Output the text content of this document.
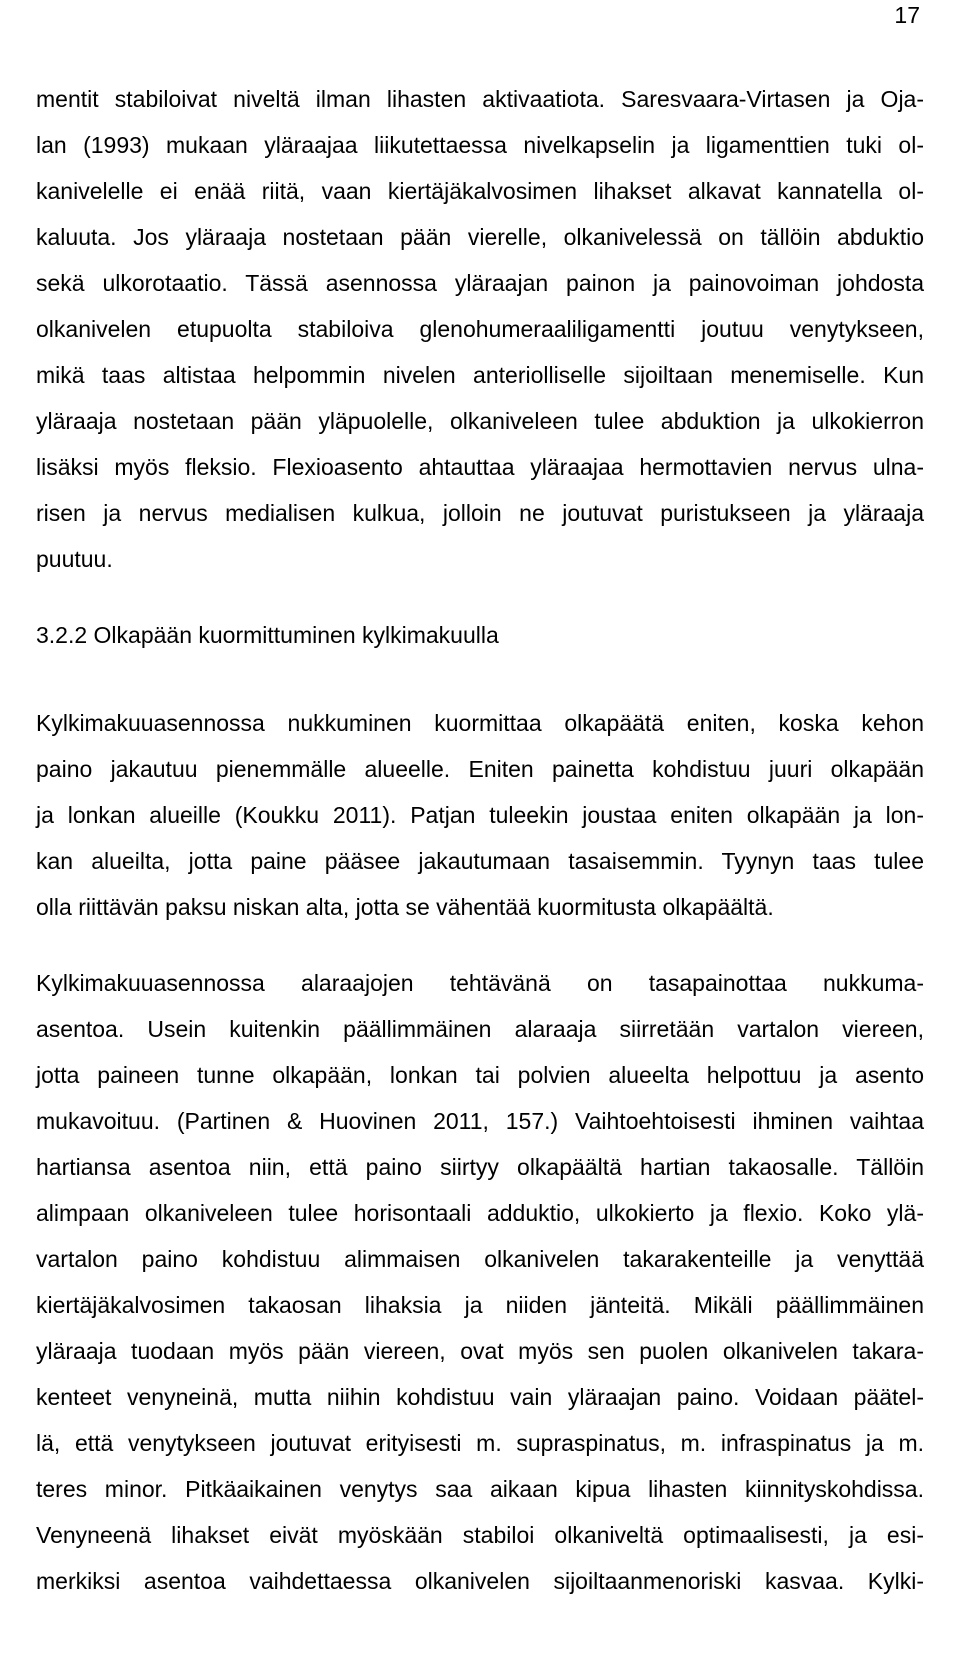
17

mentit stabiloivat niveltä ilman lihasten aktivaatiota. Saresvaara-Virtasen ja Oja-
lan (1993) mukaan yläraajaa liikutettaessa nivelkapselin ja ligamenttien tuki ol-
kanivelelle ei enää riitä, vaan kiertäjäkalvosimen lihakset alkavat kannatella ol-
kaluuta. Jos yläraaja nostetaan pään vierelle, olkanivelessä on tällöin abduktio
sekä ulkorotaatio. Tässä asennossa yläraajan painon ja painovoiman johdosta
olkanivelen etupuolta stabiloiva glenohumeraaliligamentti joutuu venytykseen,
mikä taas altistaa helpommin nivelen anteriolliselle sijoiltaan menemiselle. Kun
yläraaja nostetaan pään yläpuolelle, olkaniveleen tulee abduktion ja ulkokierron
lisäksi myös fleksio. Flexioasento ahtauttaa yläraajaa hermottavien nervus ulna-
risen ja nervus medialisen kulkua, jolloin ne joutuvat puristukseen ja yläraaja
puutuu.

3.2.2 Olkapään kuormittuminen kylkimakuulla

Kylkimakuuasennossa nukkuminen kuormittaa olkapäätä eniten, koska kehon
paino jakautuu pienemmälle alueelle. Eniten painetta kohdistuu juuri olkapään
ja lonkan alueille (Koukku 2011). Patjan tuleekin joustaa eniten olkapään ja lon-
kan alueilta, jotta paine pääsee jakautumaan tasaisemmin. Tyynyn taas tulee
olla riittävän paksu niskan alta, jotta se vähentää kuormitusta olkapäältä.

Kylkimakuuasennossa alaraajojen tehtävänä on tasapainottaa nukkuma-
asentoa. Usein kuitenkin päällimmäinen alaraaja siirretään vartalon viereen,
jotta paineen tunne olkapään, lonkan tai polvien alueelta helpottuu ja asento
mukavoituu. (Partinen & Huovinen 2011, 157.) Vaihtoehtoisesti ihminen vaihtaa
hartiansa asentoa niin, että paino siirtyy olkapäältä hartian takaosalle. Tällöin
alimpaan olkaniveleen tulee horisontaali adduktio, ulkokierto ja flexio. Koko ylä-
vartalon paino kohdistuu alimmaisen olkanivelen takarakenteille ja venyttää
kiertäjäkalvosimen takaosan lihaksia ja niiden jänteitä. Mikäli päällimmäinen
yläraaja tuodaan myös pään viereen, ovat myös sen puolen olkanivelen takara-
kenteet venyneinä, mutta niihin kohdistuu vain yläraajan paino. Voidaan päätel-
lä, että venytykseen joutuvat erityisesti m. supraspinatus, m. infraspinatus ja m.
teres minor. Pitkäaikainen venytys saa aikaan kipua lihasten kiinnityskohdissa.
Venyneenä lihakset eivät myöskään stabiloi olkaniveltä optimaalisesti, ja esi-
merkiksi asentoa vaihdettaessa olkanivelen sijoiltaanmenoriski kasvaa. Kylki-
